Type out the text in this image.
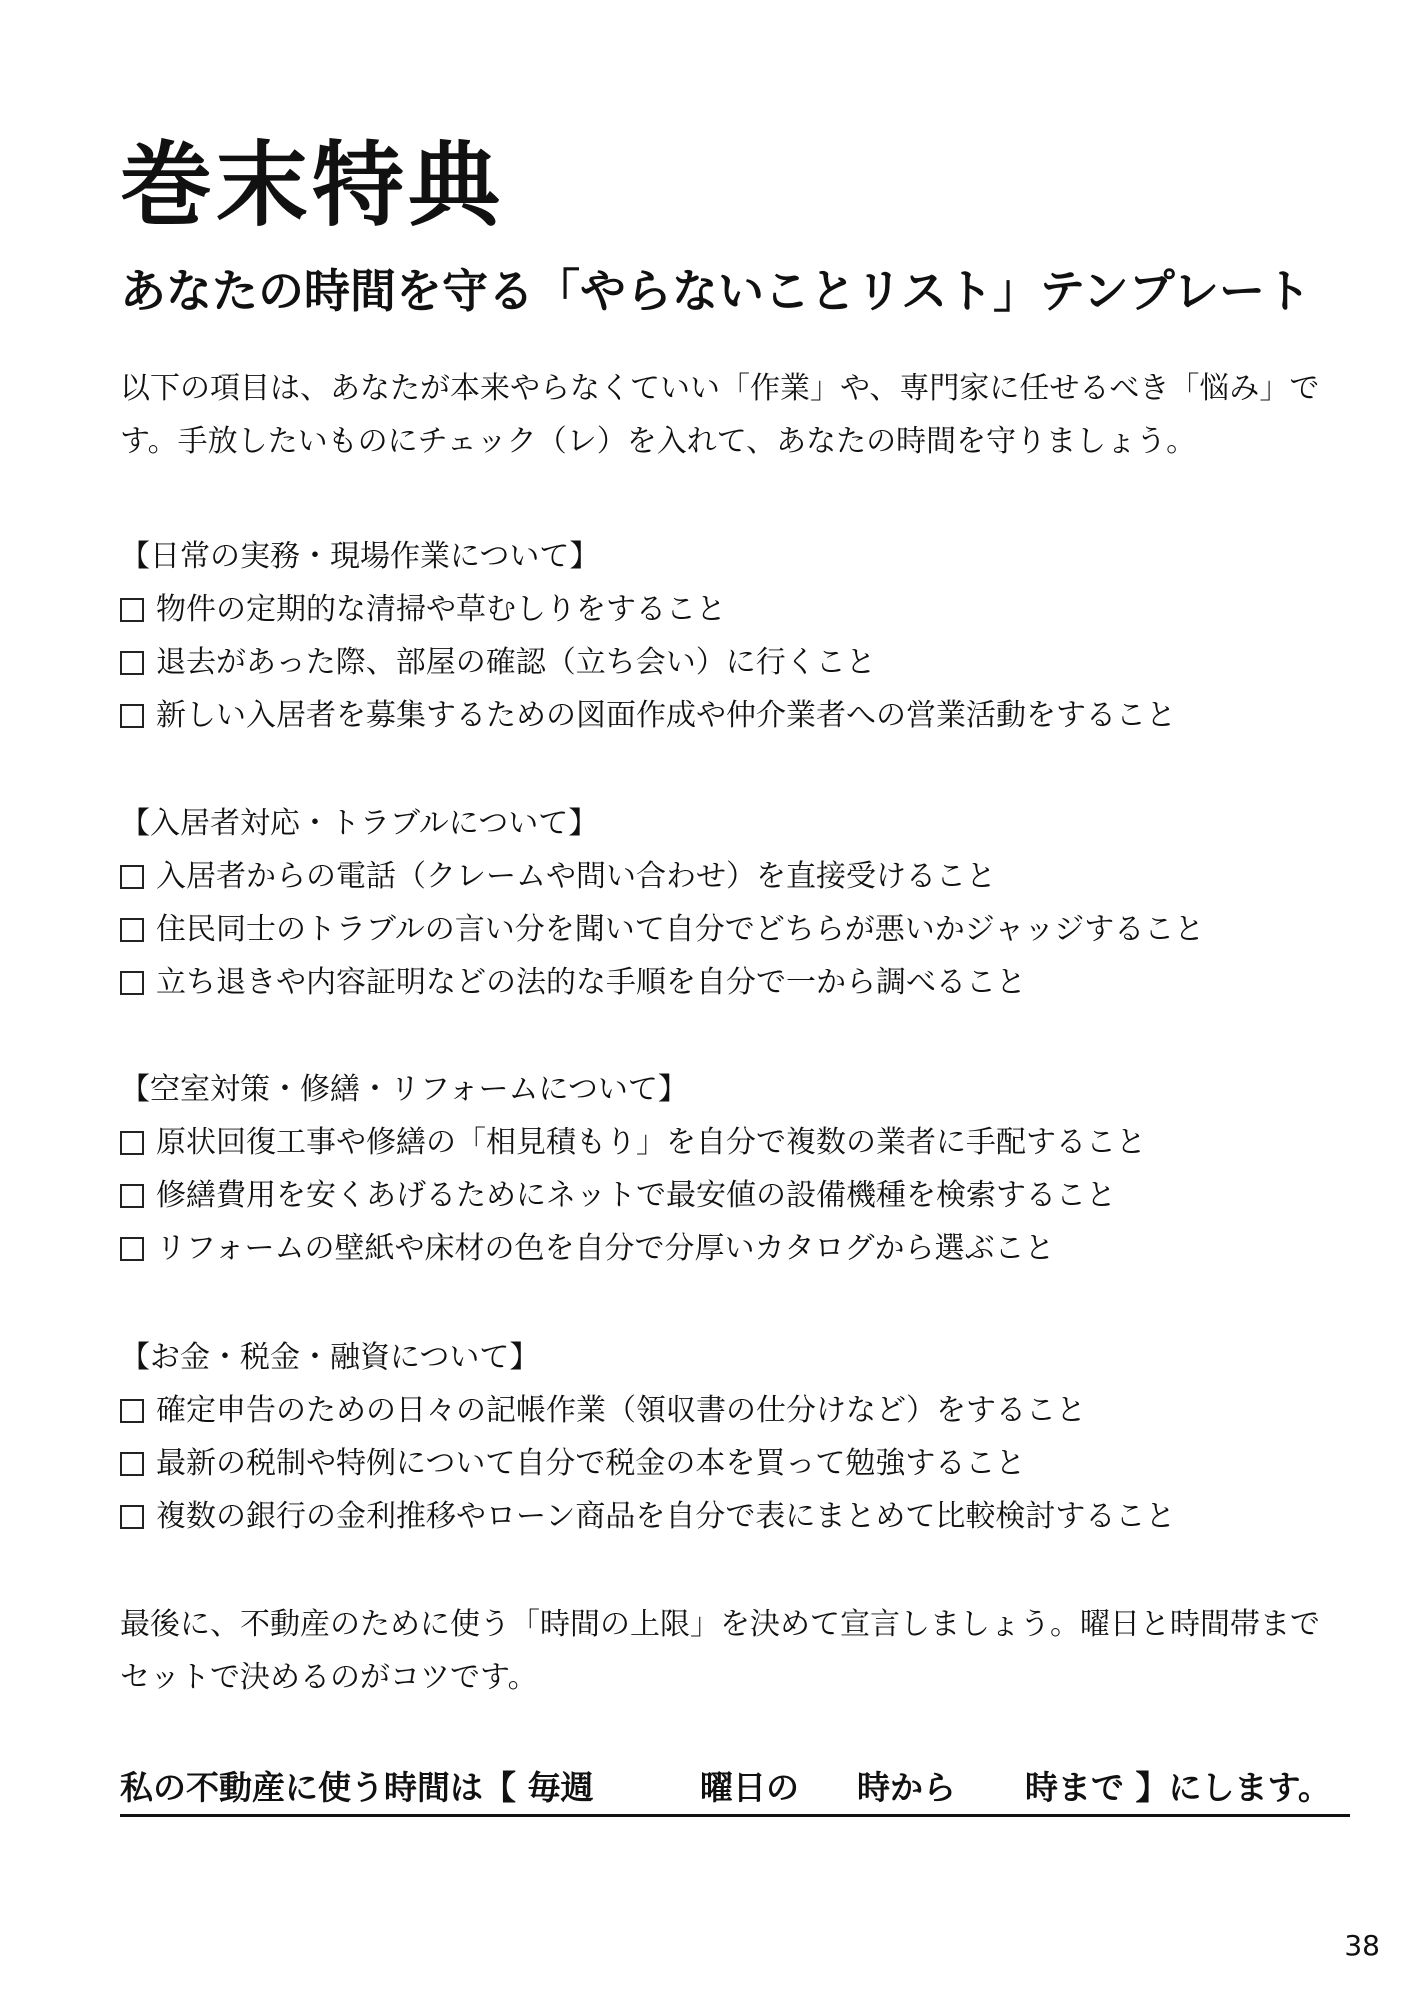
巻末特典
あなたの時間を守る「やらないことリスト」テンプレート

以下の項目は、あなたが本来やらなくていい「作業」や、専門家に任せるべき「悩み」で

す。手放したいものにチェック（レ）を入れて、あなたの時間を守りましょう。

【日常の実務・現場作業について】
物件の定期的な清掃や草むしりをすること
退去があった際、部屋の確認（立ち会い）に行くこと
新しい入居者を募集するための図面作成や仲介業者への営業活動をすること
【入居者対応・トラブルについて】
入居者からの電話（クレームや問い合わせ）を直接受けること
住民同士のトラブルの言い分を聞いて自分でどちらが悪いかジャッジすること
立ち退きや内容証明などの法的な手順を自分で一から調べること
【空室対策・修繕・リフォームについて】
原状回復工事や修繕の「相見積もり」を自分で複数の業者に手配すること
修繕費用を安くあげるためにネットで最安値の設備機種を検索すること
リフォームの壁紙や床材の色を自分で分厚いカタログから選ぶこと
【お金・税金・融資について】
確定申告のための日々の記帳作業（領収書の仕分けなど）をすること
最新の税制や特例について自分で税金の本を買って勉強すること
複数の銀行の金利推移やローン商品を自分で表にまとめて比較検討すること

最後に、不動産のために使う「時間の上限」を決めて宣言しましょう。曜日と時間帯まで

セットで決めるのがコツです。

私の不動産に使う時間は【 毎週	曜日の 時から 時まで 】にします。
38
